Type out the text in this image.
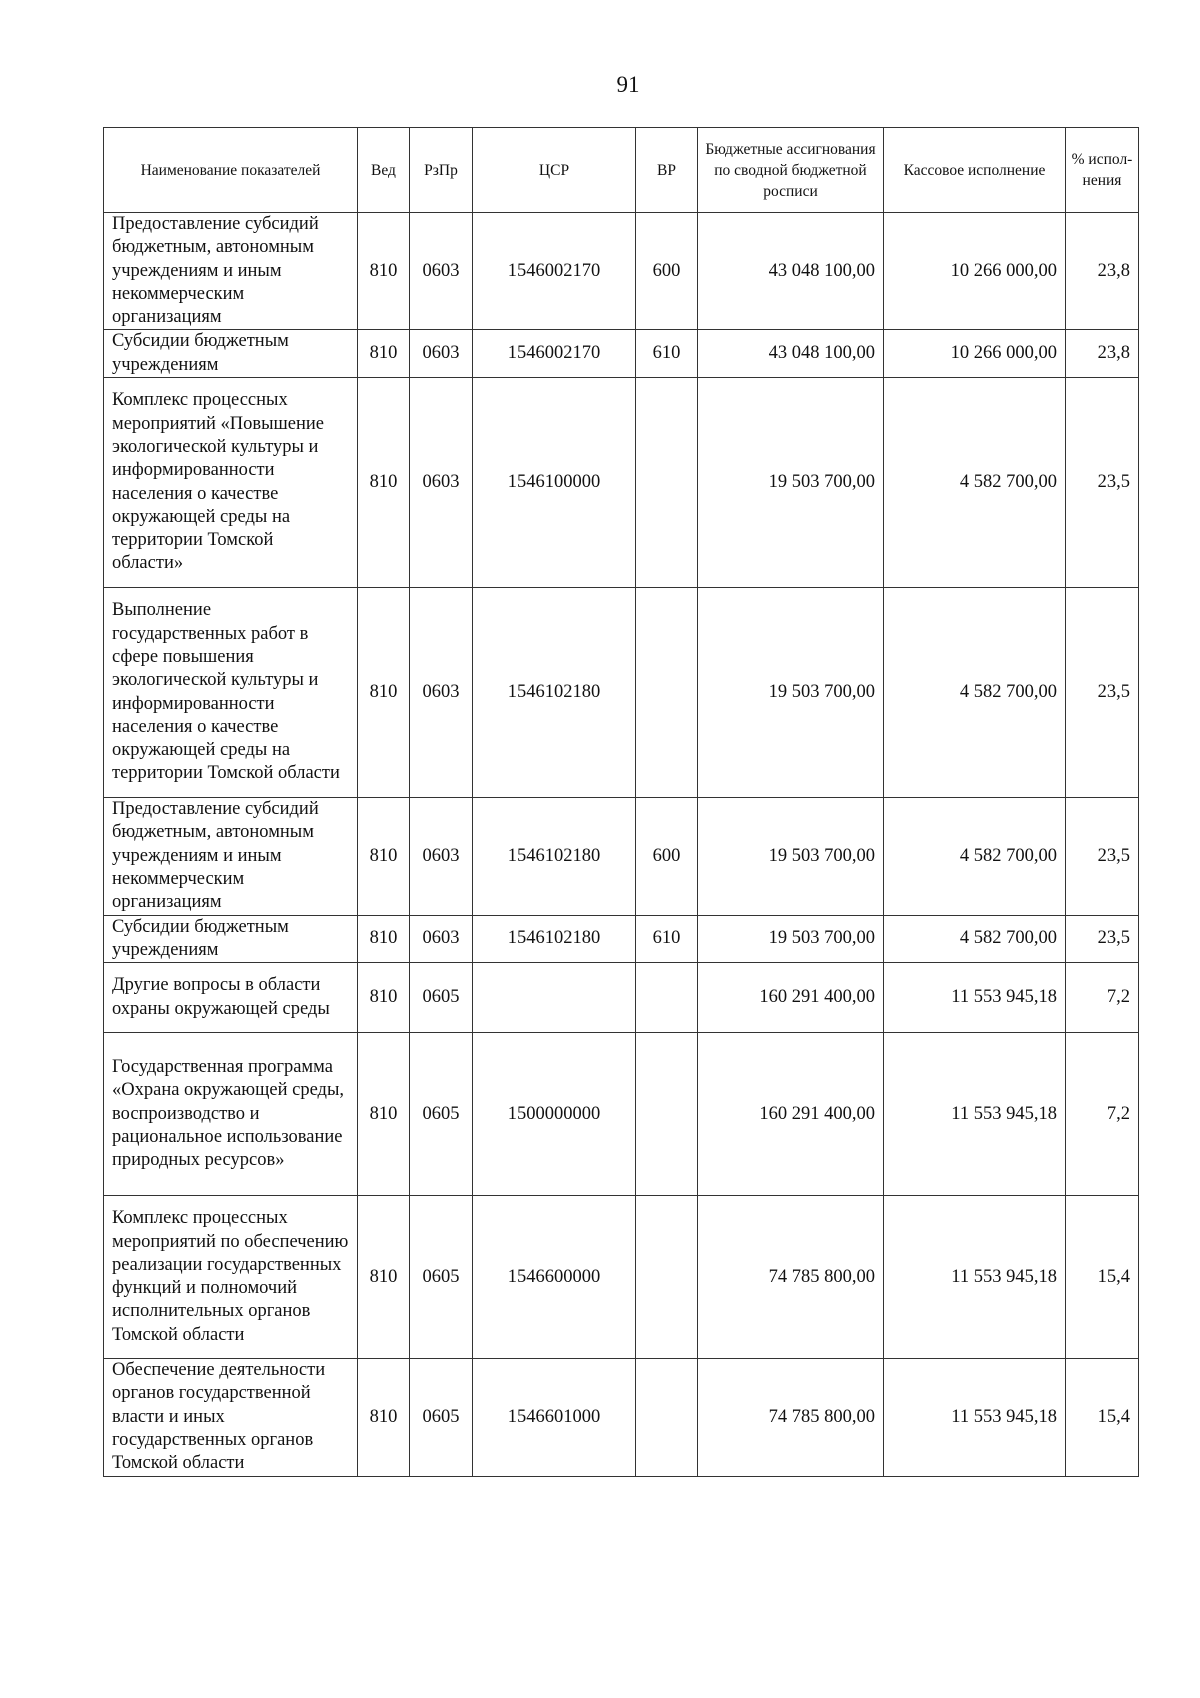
91
Наименование показателей	Вед	РзПр	ЦСР	ВР	Бюджетные ассигнования по сводной бюджетной росписи	Кассовое исполнение	% испол-нения
Предоставление субсидий бюджетным, автономным учреждениям и иным некоммерческим организациям	810	0603	1546002170	600	43 048 100,00	10 266 000,00	23,8
Субсидии бюджетным учреждениям	810	0603	1546002170	610	43 048 100,00	10 266 000,00	23,8
Комплекс процессных мероприятий «Повышение экологической культуры и информированности населения о качестве окружающей среды на территории Томской области»	810	0603	1546100000		19 503 700,00	4 582 700,00	23,5
Выполнение государственных работ в сфере повышения экологической культуры и информированности населения о качестве окружающей среды на территории Томской области	810	0603	1546102180		19 503 700,00	4 582 700,00	23,5
Предоставление субсидий бюджетным, автономным учреждениям и иным некоммерческим организациям	810	0603	1546102180	600	19 503 700,00	4 582 700,00	23,5
Субсидии бюджетным учреждениям	810	0603	1546102180	610	19 503 700,00	4 582 700,00	23,5
Другие вопросы в области охраны окружающей среды	810	0605			160 291 400,00	11 553 945,18	7,2
Государственная программа «Охрана окружающей среды, воспроизводство и рациональное использование природных ресурсов»	810	0605	1500000000		160 291 400,00	11 553 945,18	7,2
Комплекс процессных мероприятий по обеспечению реализации государственных функций и полномочий исполнительных органов Томской области	810	0605	1546600000		74 785 800,00	11 553 945,18	15,4
Обеспечение деятельности органов государственной власти и иных государственных органов Томской области	810	0605	1546601000		74 785 800,00	11 553 945,18	15,4
